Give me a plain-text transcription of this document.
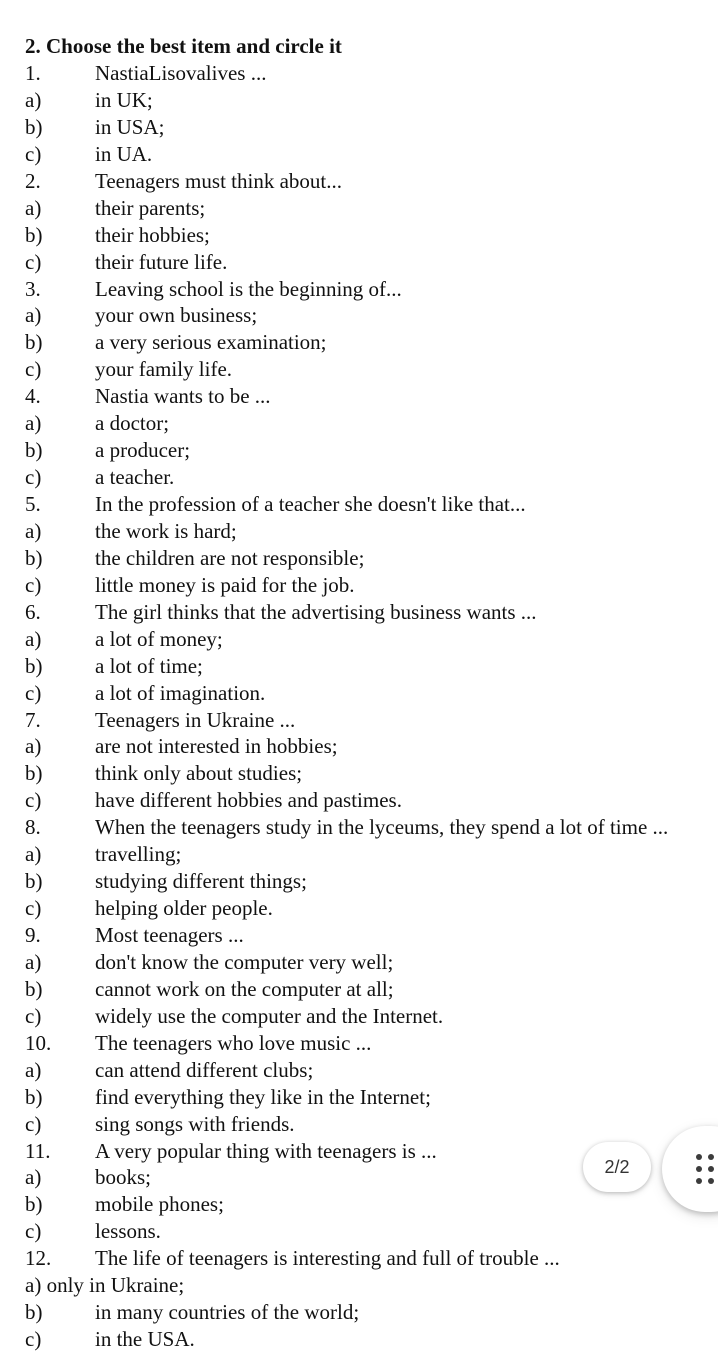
2. Choose the best item and circle it
1.	NastiaLisovalives ...
a)	in UK;
b)	in USA;
c)	in UA.
2.	Teenagers must think about...
a)	their parents;
b)	their hobbies;
c)	their future life.
3.	Leaving school is the beginning of...
a)	your own business;
b)	a very serious examination;
c)	your family life.
4.	Nastia wants to be ...
a)	a doctor;
b)	a producer;
c)	a teacher.
5.	In the profession of a teacher she doesn't like that...
a)	the work is hard;
b)	the children are not responsible;
c)	little money is paid for the job.
6.	The girl thinks that the advertising business wants ...
a)	a lot of money;
b)	a lot of time;
c)	a lot of imagination.
7.	Teenagers in Ukraine ...
a)	are not interested in hobbies;
b)	think only about studies;
c)	have different hobbies and pastimes.
8.	When the teenagers study in the lyceums, they spend a lot of time ...
a)	travelling;
b)	studying different things;
c)	helping older people.
9.	Most teenagers ...
a)	don't know the computer very well;
b)	cannot work on the computer at all;
c)	widely use the computer and the Internet.
10. The teenagers who love music ...
a)	can attend different clubs;
b)	find everything they like in the Internet;
c)	sing songs with friends.
11. A very popular thing with teenagers is ...
a)	books;
b)	mobile phones;
c)	lessons.
12. The life of teenagers is interesting and full of trouble ...
a) only in Ukraine;
b)	in many countries of the world;
c)	in the USA.
2/2
